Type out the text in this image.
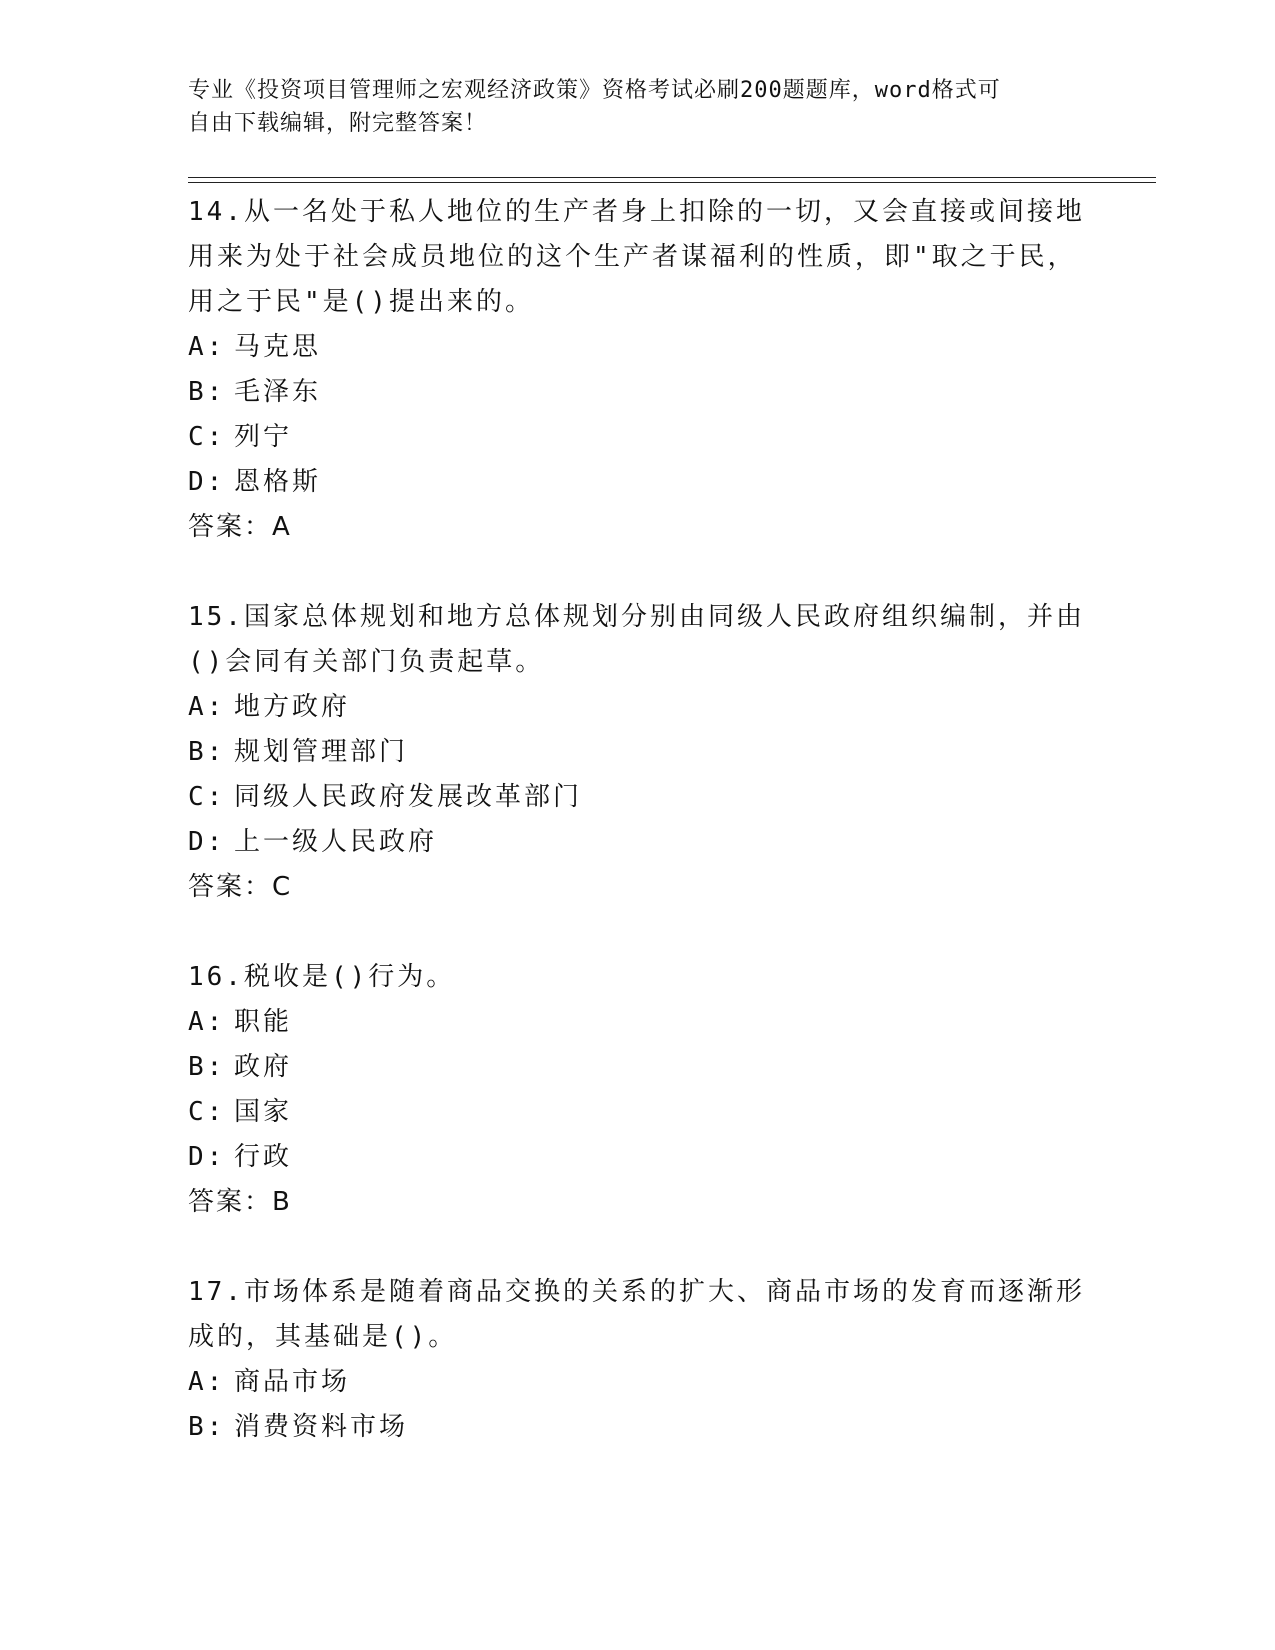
专业《投资项目管理师之宏观经济政策》资格考试必刷200题题库，word格式可
自由下载编辑，附完整答案！
14.从一名处于私人地位的生产者身上扣除的一切，又会直接或间接地
用来为处于社会成员地位的这个生产者谋福利的性质，即"取之于民，
用之于民"是()提出来的。
A: 马克思
B: 毛泽东
C: 列宁
D: 恩格斯
答案：A
15.国家总体规划和地方总体规划分别由同级人民政府组织编制，并由
()会同有关部门负责起草。
A: 地方政府
B: 规划管理部门
C: 同级人民政府发展改革部门
D: 上一级人民政府
答案：C
16.税收是()行为。
A: 职能
B: 政府
C: 国家
D: 行政
答案：B
17.市场体系是随着商品交换的关系的扩大、商品市场的发育而逐渐形
成的，其基础是()。
A: 商品市场
B: 消费资料市场
